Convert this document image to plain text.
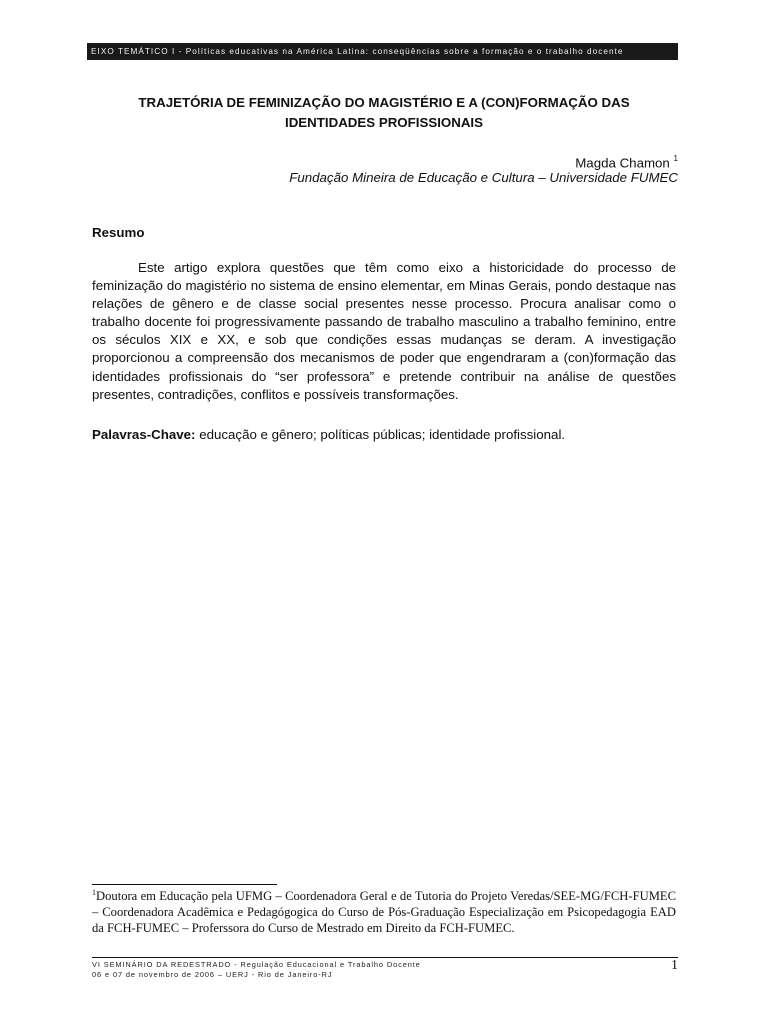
EIXO TEMÁTICO I - Políticas educativas na América Latina: conseqüências sobre a formação e o trabalho docente
TRAJETÓRIA DE FEMINIZAÇÃO DO MAGISTÉRIO E A (CON)FORMAÇÃO DAS IDENTIDADES PROFISSIONAIS
Magda Chamon $^1$
Fundação Mineira de Educação e Cultura – Universidade FUMEC
Resumo

Este artigo explora questões que têm como eixo a historicidade do processo de feminização do magistério no sistema de ensino elementar, em Minas Gerais, pondo destaque nas relações de gênero e de classe social presentes nesse processo. Procura analisar como o trabalho docente foi progressivamente passando de trabalho masculino a trabalho feminino, entre os séculos XIX e XX, e sob que condições essas mudanças se deram. A investigação proporcionou a compreensão dos mecanismos de poder que engendraram a (con)formação das identidades profissionais do “ser professora” e pretende contribuir na análise de questões presentes, contradições, conflitos e possíveis transformações.

Palavras-Chave: educação e gênero; políticas públicas; identidade profissional.

$^1$Doutora em Educação pela UFMG – Coordenadora Geral e de Tutoria do Projeto Veredas/SEE-MG/FCH-FUMEC – Coordenadora Acadêmica e Pedagógogica do Curso de Pós-Graduação Especialização em Psicopedagogia EAD da FCH-FUMEC – Proferssora do Curso de Mestrado em Direito da FCH-FUMEC.

VI SEMINÁRIO DA REDESTRADO - Regulação Educacional e Trabalho Docente
06 e 07 de novembro de 2006 – UERJ - Rio de Janeiro-RJ
1
